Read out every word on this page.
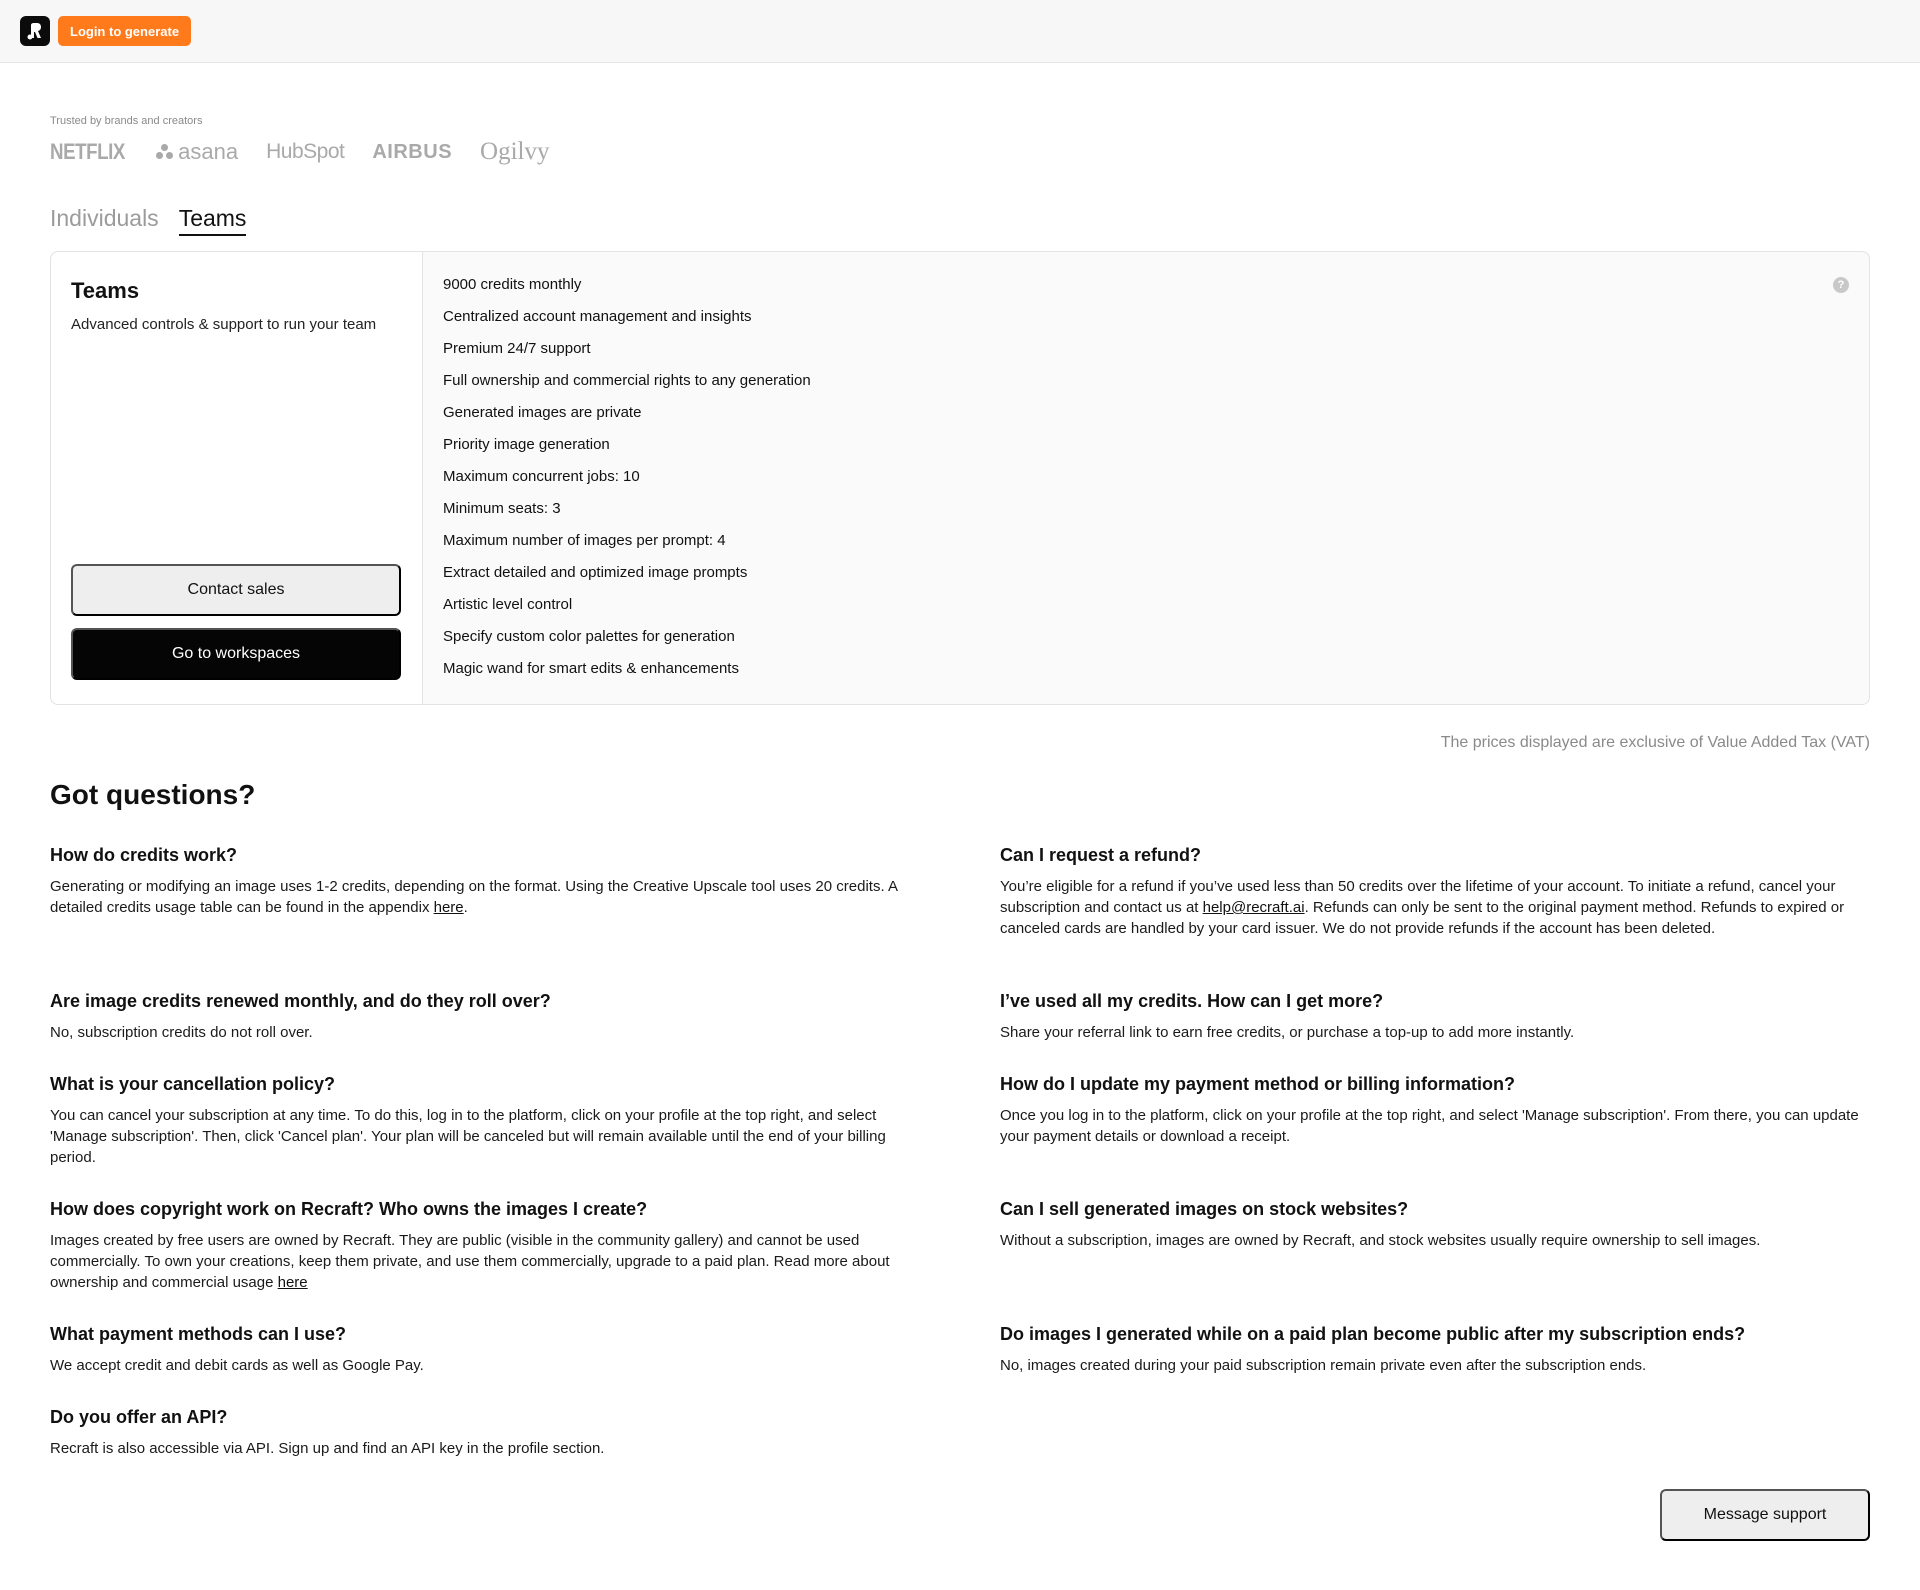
Login to generate
Trusted by brands and creators
NETFLIX asana HubSpot AIRBUS Ogilvy
Individuals Teams
Teams
Advanced controls & support to run your team
Contact sales
Go to workspaces
9000 credits monthly
Centralized account management and insights
Premium 24/7 support
Full ownership and commercial rights to any generation
Generated images are private
Priority image generation
Maximum concurrent jobs: 10
Minimum seats: 3
Maximum number of images per prompt: 4
Extract detailed and optimized image prompts
Artistic level control
Specify custom color palettes for generation
Magic wand for smart edits & enhancements
?
The prices displayed are exclusive of Value Added Tax (VAT)
Got questions?
How do credits work?
Generating or modifying an image uses 1-2 credits, depending on the format. Using the Creative Upscale tool uses 20 credits. A detailed credits usage table can be found in the appendix here.
Can I request a refund?
You’re eligible for a refund if you’ve used less than 50 credits over the lifetime of your account. To initiate a refund, cancel your subscription and contact us at help@recraft.ai. Refunds can only be sent to the original payment method. Refunds to expired or canceled cards are handled by your card issuer. We do not provide refunds if the account has been deleted.
Are image credits renewed monthly, and do they roll over?
No, subscription credits do not roll over.
I’ve used all my credits. How can I get more?
Share your referral link to earn free credits, or purchase a top-up to add more instantly.
What is your cancellation policy?
You can cancel your subscription at any time. To do this, log in to the platform, click on your profile at the top right, and select 'Manage subscription'. Then, click 'Cancel plan'. Your plan will be canceled but will remain available until the end of your billing period.
How do I update my payment method or billing information?
Once you log in to the platform, click on your profile at the top right, and select 'Manage subscription'. From there, you can update your payment details or download a receipt.
How does copyright work on Recraft? Who owns the images I create?
Images created by free users are owned by Recraft. They are public (visible in the community gallery) and cannot be used commercially. To own your creations, keep them private, and use them commercially, upgrade to a paid plan. Read more about ownership and commercial usage here
Can I sell generated images on stock websites?
Without a subscription, images are owned by Recraft, and stock websites usually require ownership to sell images.
What payment methods can I use?
We accept credit and debit cards as well as Google Pay.
Do images I generated while on a paid plan become public after my subscription ends?
No, images created during your paid subscription remain private even after the subscription ends.
Do you offer an API?
Recraft is also accessible via API. Sign up and find an API key in the profile section.
Message support
